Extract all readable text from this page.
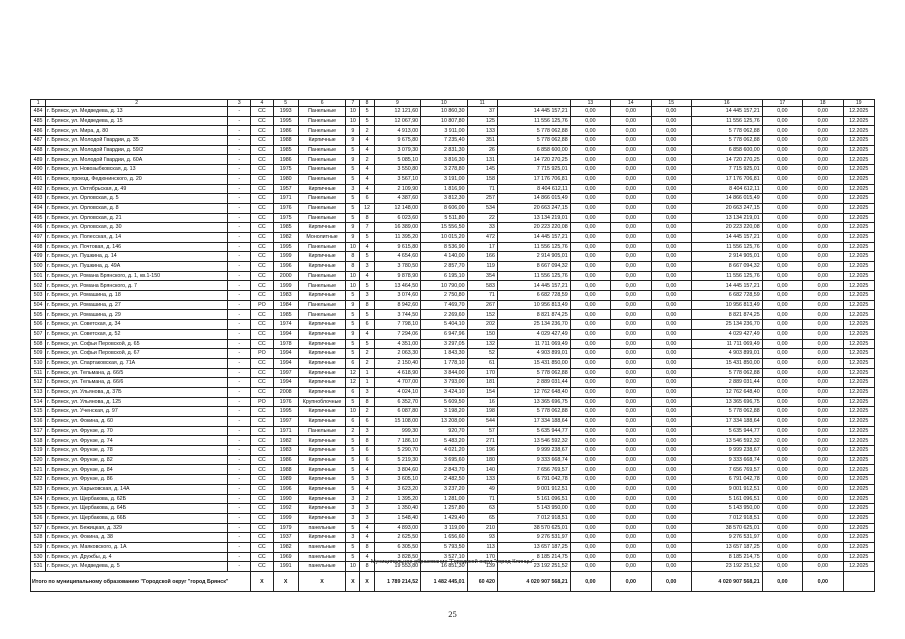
1	2	3	4	5	6	7	8	9	10	11		13	14	15	16	17	18	19
484	г. Брянск, ул. Медведева, д. 13	-	СС	1993	Панельные	10	5	12 121,60	10 860,30	37	14 445 157,21	0,00	0,00	0,00	14 445 157,21	0,00	0,00	12.2025
485	г. Брянск, ул. Медведева, д. 15	-	СС	1995	Панельные	10	5	12 067,90	10 807,80	125	11 556 125,76	0,00	0,00	0,00	11 556 125,76	0,00	0,00	12.2025
486	г. Брянск, ул. Мира, д. 80	-	СС	1986	Панельные	9	2	4 913,00	3 911,00	133	5 778 062,88	0,00	0,00	0,00	5 778 062,88	0,00	0,00	12.2025
487	г. Брянск, ул. Молодой Гвардии, д. 35	-	СС	1988	Кирпичные	9	4	9 675,80	7 235,40	351	5 778 062,88	0,00	0,00	0,00	5 778 062,88	0,00	0,00	12.2025
488	г. Брянск, ул. Молодой Гвардии, д. 59/2	-	СС	1985	Панельные	5	4	3 079,30	2 831,30	26	6 858 600,00	0,00	0,00	0,00	6 858 600,00	0,00	0,00	12.2025
489	г. Брянск, ул. Молодой Гвардии, д. 60А	-	СС	1986	Панельные	9	2	5 085,10	3 816,30	131	14 720 270,25	0,00	0,00	0,00	14 720 270,25	0,00	0,00	12.2025
490	г. Брянск, ул. Новозыбковская, д. 13	-	СС	1975	Панельные	5	4	3 550,80	3 278,80	145	7 715 925,01	0,00	0,00	0,00	7 715 925,01	0,00	0,00	12.2025
491	г. Брянск, проезд. Федюнинского, д. 20	-	СС	1980	Панельные	5	4	3 567,10	3 191,00	158	17 176 706,81	0,00	0,00	0,00	17 176 706,81	0,00	0,00	12.2025
492	г. Брянск, ул. Октябрьская, д. 49	-	СС	1957	Кирпичные	3	4	2 109,90	1 816,90	71	8 404 612,11	0,00	0,00	0,00	8 404 612,11	0,00	0,00	12.2025
493	г. Брянск, ул. Орловская, д. 5	-	СС	1971	Панельные	5	6	4 387,60	3 812,30	257	14 866 015,49	0,00	0,00	0,00	14 866 015,49	0,00	0,00	12.2025
494	г. Брянск, ул. Орловская, д. 8	-	СС	1976	Панельные	5	12	12 148,00	8 606,00	534	20 663 247,15	0,00	0,00	0,00	20 663 247,15	0,00	0,00	12.2025
495	г. Брянск, ул. Орловская, д. 21	-	СС	1975	Панельные	5	8	6 023,60	5 511,80	22	13 134 219,01	0,00	0,00	0,00	13 134 219,01	0,00	0,00	12.2025
496	г. Брянск, ул. Орловская, д. 30	-	СС	1985	Кирпичные	9	7	16 389,00	15 556,50	33	20 223 220,08	0,00	0,00	0,00	20 223 220,08	0,00	0,00	12.2025
497	г. Брянск, ул. Полесская, д. 14	-	СС	1982	Монолитные	9	5	11 395,20	10 015,20	472	14 445 157,21	0,00	0,00	0,00	14 445 157,21	0,00	0,00	12.2025
498	г. Брянск, ул. Почтовая, д. 146	-	СС	1995	Панельные	10	4	9 615,80	8 536,90	17	11 556 125,76	0,00	0,00	0,00	11 556 125,76	0,00	0,00	12.2025
499	г. Брянск, ул. Пушкина, д. 14	-	СС	1999	Кирпичные	8	5	4 654,60	4 140,00	166	2 914 905,01	0,00	0,00	0,00	2 914 905,01	0,00	0,00	12.2025
500	г. Брянск, ул. Пушкина, д. 49А	-	СС	1996	Кирпичные	8	3	3 780,50	2 857,70	119	8 667 094,32	0,00	0,00	0,00	8 667 094,32	0,00	0,00	12.2025
501	г. Брянск, ул. Романа Брянского, д. 1, кв.1-150	-	СС	2000	Панельные	10	4	9 878,90	6 195,10	354	11 556 125,76	0,00	0,00	0,00	11 556 125,76	0,00	0,00	12.2025
502	г. Брянск, ул. Романа Брянского, д. 7	-	СС	1999	Панельные	10	5	13 464,50	10 790,00	583	14 445 157,21	0,00	0,00	0,00	14 445 157,21	0,00	0,00	12.2025
503	г. Брянск, ул. Ромашина, д. 18	-	СС	1983	Кирпичные	5	3	3 074,60	2 750,80	71	6 682 728,59	0,00	0,00	0,00	6 682 728,59	0,00	0,00	12.2025
504	г. Брянск, ул. Ромашина, д. 27	-	РО	1984	Панельные	9	8	8 942,60	7 469,70	267	10 956 813,49	0,00	0,00	0,00	10 956 813,49	0,00	0,00	12.2025
505	г. Брянск, ул. Ромашина, д. 29	-	СС	1985	Панельные	5	5	3 744,50	2 269,60	152	8 821 874,25	0,00	0,00	0,00	8 821 874,25	0,00	0,00	12.2025
506	г. Брянск, ул. Советская, д. 34	-	СС	1974	Кирпичные	5	6	7 798,10	5 404,10	202	25 134 236,70	0,00	0,00	0,00	25 134 236,70	0,00	0,00	12.2025
507	г. Брянск, ул. Советская, д. 52	-	СС	1994	Кирпичные	9	4	7 294,06	6 947,96	150	4 029 427,49	0,00	0,00	0,00	4 029 427,49	0,00	0,00	12.2025
508	г. Брянск, ул. Софьи Перовской, д. 65	-	СС	1978	Кирпичные	5	5	4 351,00	3 297,05	132	11 711 069,49	0,00	0,00	0,00	11 711 069,49	0,00	0,00	12.2025
509	г. Брянск, ул. Софьи Перовской, д. 67	-	РО	1994	Кирпичные	5	2	2 063,30	1 843,30	52	4 903 899,01	0,00	0,00	0,00	4 903 899,01	0,00	0,00	12.2025
510	г. Брянск, ул. Спартаковская, д. 71А	-	СС	1994	Кирпичные	6	2	2 150,40	1 778,10	61	15 431 850,00	0,00	0,00	0,00	15 431 850,00	0,00	0,00	12.2025
511	г. Брянск, ул. Тельмана, д. 66/5	-	СС	1997	Кирпичные	12	1	4 618,90	3 844,00	170	5 778 062,88	0,00	0,00	0,00	5 778 062,88	0,00	0,00	12.2025
512	г. Брянск, ул. Тельмана, д. 66/6	-	СС	1994	Кирпичные	12	1	4 707,00	3 793,00	181	2 889 031,44	0,00	0,00	0,00	2 889 031,44	0,00	0,00	12.2025
513	г. Брянск, ул. Ульянова, д. 37Б	-	СС	2008	Кирпичные	6	3	4 024,10	3 424,10	154	12 762 648,40	0,00	0,00	0,00	12 762 648,40	0,00	0,00	12.2025
514	г. Брянск, ул. Ульянова, д. 125	-	РО	1976	Крупноблочные	5	8	6 352,70	5 609,50	16	13 365 696,75	0,00	0,00	0,00	13 365 696,75	0,00	0,00	12.2025
515	г. Брянск, ул. Ученская, д. 97	-	СС	1995	Кирпичные	10	2	6 087,80	3 198,20	198	5 778 062,88	0,00	0,00	0,00	5 778 062,88	0,00	0,00	12.2025
516	г. Брянск, ул. Фокина, д. 60	-	СС	1997	Кирпичные	6	6	15 108,00	13 208,00	544	17 334 188,64	0,00	0,00	0,00	17 334 188,64	0,00	0,00	12.2025
517	г. Брянск, ул. Фрунзе, д. 70	-	СС	1971	Панельные	2	3	999,30	920,70	57	5 635 944,77	0,00	0,00	0,00	5 635 944,77	0,00	0,00	12.2025
518	г. Брянск, ул. Фрунзе, д. 74	-	СС	1982	Кирпичные	5	8	7 186,10	5 483,20	271	13 546 592,32	0,00	0,00	0,00	13 546 592,32	0,00	0,00	12.2025
519	г. Брянск, ул. Фрунзе, д. 78	-	СС	1983	Кирпичные	5	6	5 290,70	4 021,20	196	9 999 238,67	0,00	0,00	0,00	9 999 238,67	0,00	0,00	12.2025
520	г. Брянск, ул. Фрунзе, д. 82	-	СС	1986	Кирпичные	5	6	5 219,30	3 695,60	180	9 333 668,74	0,00	0,00	0,00	9 333 668,74	0,00	0,00	12.2025
521	г. Брянск, ул. Фрунзе, д. 84	-	СС	1988	Кирпичные	5	4	3 804,60	2 843,70	140	7 656 769,57	0,00	0,00	0,00	7 656 769,57	0,00	0,00	12.2025
522	г. Брянск, ул. Фрунзе, д. 86	-	СС	1989	Кирпичные	5	3	3 605,10	2 482,50	133	6 791 042,78	0,00	0,00	0,00	6 791 042,78	0,00	0,00	12.2025
523	г. Брянск, ул. Харьковская, д. 14А	-	СС	1996	Кирпичные	5	4	3 623,20	3 237,20	49	9 001 912,51	0,00	0,00	0,00	9 001 912,51	0,00	0,00	12.2025
524	г. Брянск, ул. Щербакова, д. 62Б	-	СС	1990	Кирпичные	3	2	1 395,20	1 281,00	71	5 161 096,51	0,00	0,00	0,00	5 161 096,51	0,00	0,00	12.2025
525	г. Брянск, ул. Щербакова, д. 64Б	-	СС	1992	Кирпичные	3	3	1 350,40	1 257,80	63	5 143 950,00	0,00	0,00	0,00	5 143 950,00	0,00	0,00	12.2025
526	г. Брянск, ул. Щербакова, д. 66Б	-	СС	1999	Кирпичные	3	3	1 548,40	1 429,40	65	7 012 918,51	0,00	0,00	0,00	7 012 918,51	0,00	0,00	12.2025
527	г. Брянск, ул. Бежицкая, д. 329	-	СС	1979	панельные	5	4	4 893,00	3 119,00	210	38 570 625,01	0,00	0,00	0,00	38 570 625,01	0,00	0,00	12.2025
528	г. Брянск, ул. Фокина, д. 38	-	СС	1937	Кирпичные	3	4	2 625,50	1 656,60	93	9 276 531,97	0,00	0,00	0,00	9 276 531,97	0,00	0,00	12.2025
529	г. Брянск, ул. Маяковского, д. 1А	-	СС	1982	панельные	5	8	6 305,50	5 793,50	113	13 657 187,25	0,00	0,00	0,00	13 657 187,25	0,00	0,00	12.2025
530	г. Брянск, ул. Дружбы, д. 4	-	СС	1969	панельные	5	4	3 828,50	3 527,10	170	8 185 214,75	0,00	0,00	0,00	8 185 214,75	0,00	0,00	12.2025
531	г. Брянск, ул. Медведева, д. 5	-	СС	1991	панельные	10	8	19 553,80	16 851,30	139	23 192 251,52	0,00	0,00	0,00	23 192 251,52	0,00	0,00	12.2025
Итого по муниципальному образованию "Городской округ "город Брянск"			Х	Х	Х	Х	Х	1 789 214,52	1 482 445,01	60 420	4 020 907 568,21	0,00	0,00	0,00	4 020 907 568,21	0,00	0,00	
Муниципальное образование "Городской округ "город Клинцы"
25
